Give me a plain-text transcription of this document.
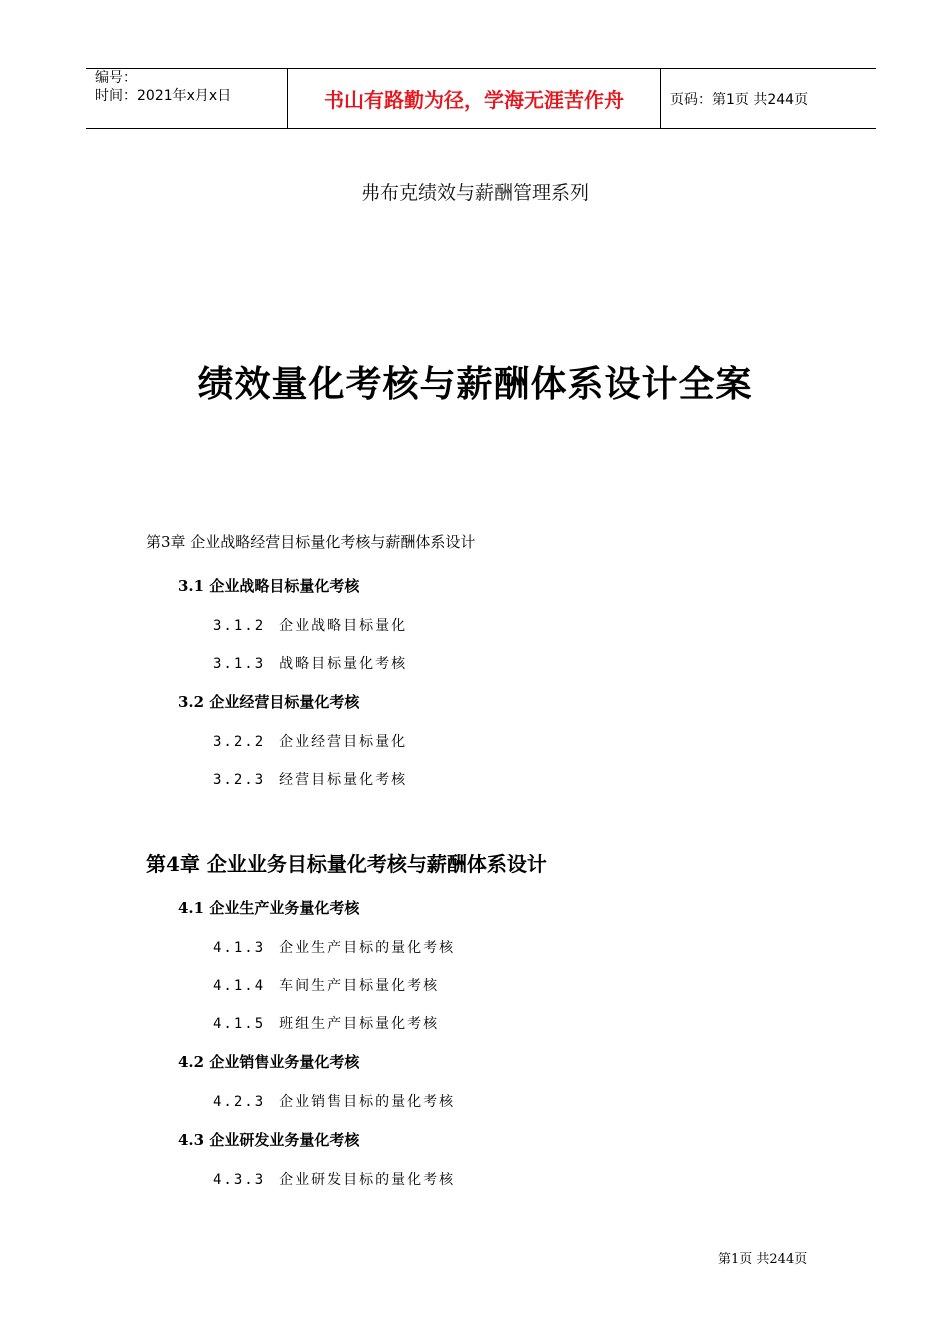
编号：
时间：2021年x月x日	书山有路勤为径，学海无涯苦作舟	页码：第1页 共244页
弗布克绩效与薪酬管理系列
绩效量化考核与薪酬体系设计全案
第3章 企业战略经营目标量化考核与薪酬体系设计
3.1 企业战略目标量化考核
3.1.2 企业战略目标量化
3.1.3 战略目标量化考核
3.2 企业经营目标量化考核
3.2.2 企业经营目标量化
3.2.3 经营目标量化考核
第4章 企业业务目标量化考核与薪酬体系设计
4.1 企业生产业务量化考核
4.1.3 企业生产目标的量化考核
4.1.4 车间生产目标量化考核
4.1.5 班组生产目标量化考核
4.2 企业销售业务量化考核
4.2.3 企业销售目标的量化考核
4.3 企业研发业务量化考核
4.3.3 企业研发目标的量化考核
第1页 共244页
